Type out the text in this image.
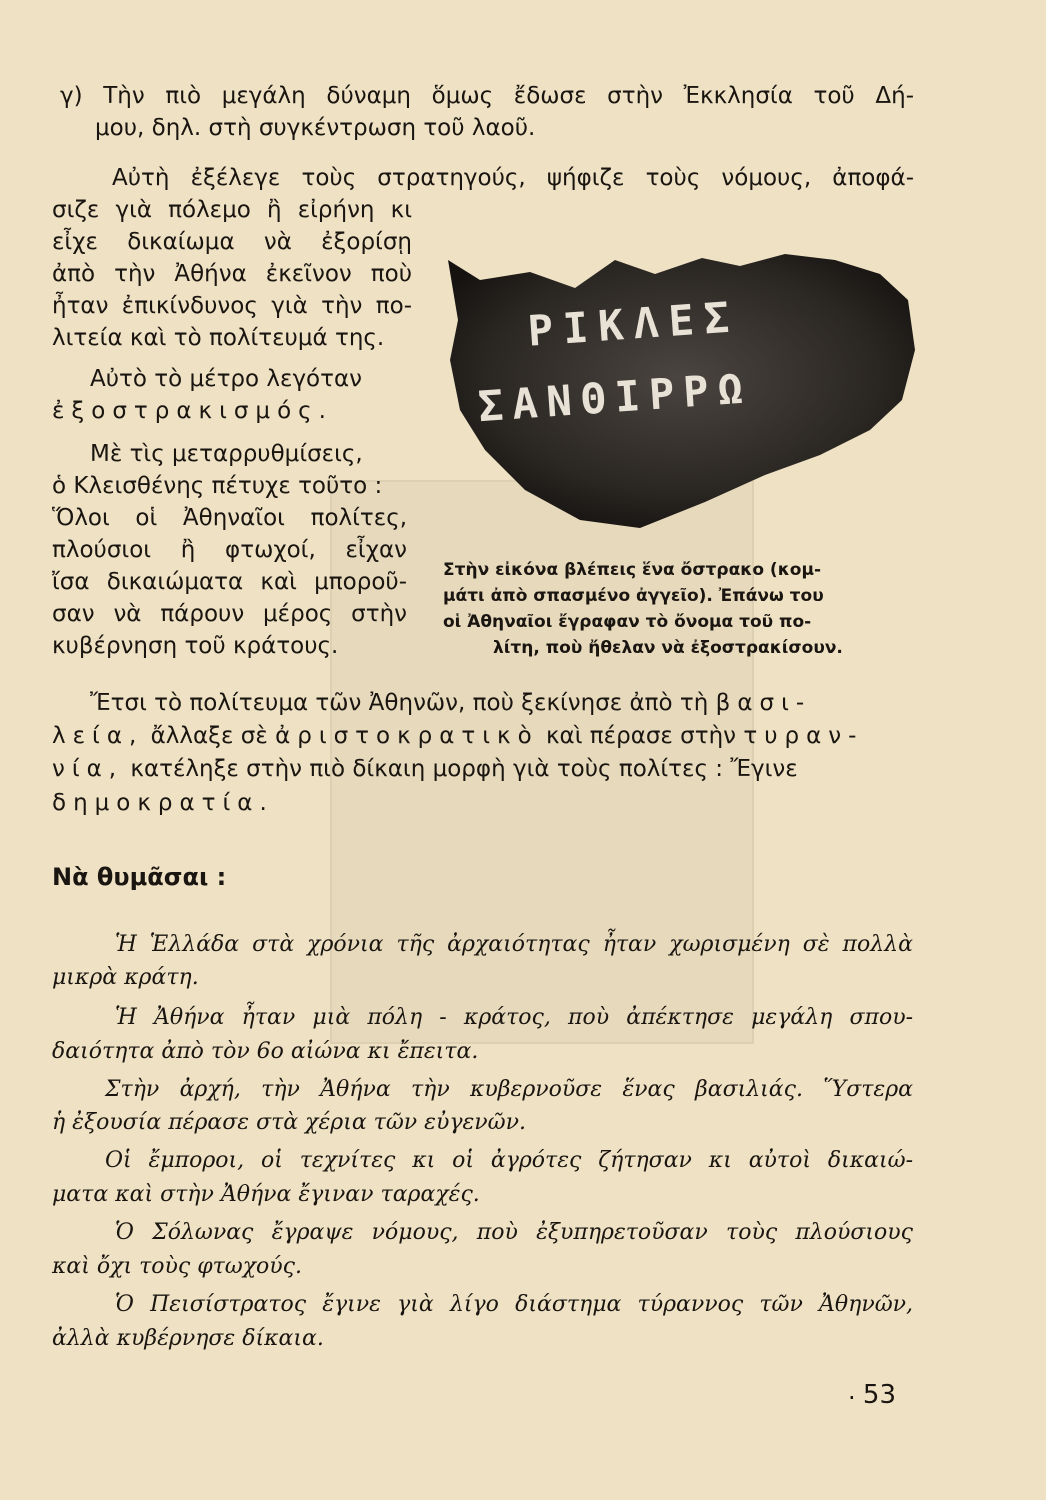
γ) Τὴν πιὸ μεγάλη δύναμη ὅμως ἔδωσε στὴν Ἐκκλησία τοῦ Δή-
μου, δηλ. στὴ συγκέντρωση τοῦ λαοῦ.
Αὐτὴ ἐξέλεγε τοὺς στρατηγούς, ψήφιζε τοὺς νόμους, ἀποφά-
σιζε γιὰ πόλεμο ἢ εἰρήνη κι
εἶχε δικαίωμα νὰ ἐξορίσῃ
ἀπὸ τὴν Ἀθήνα ἐκεῖνον ποὺ
ἦταν ἐπικίνδυνος γιὰ τὴν πο-
λιτεία καὶ τὸ πολίτευμά της.
Αὐτὸ τὸ μέτρο λεγόταν
ἐξοστρακισμός.
Μὲ τὶς μεταρρυθμίσεις,
ὁ Κλεισθένης πέτυχε τοῦτο :
Ὅλοι οἱ Ἀθηναῖοι πολίτες,
πλούσιοι ἢ φτωχοί, εἶχαν
ἴσα δικαιώματα καὶ μποροῦ-
σαν νὰ πάρουν μέρος στὴν
κυβέρνηση τοῦ κράτους.
ΡΙΚΛΕΣ
ΣΑΝΘΙΡΡΩ
Στὴν εἰκόνα βλέπεις ἕνα ὄστρακο (κομ-
μάτι ἀπὸ σπασμένο ἀγγεῖο). Ἐπάνω του
οἱ Ἀθηναῖοι ἔγραφαν τὸ ὄνομα τοῦ πο-
λίτη, ποὺ ἤθελαν νὰ ἐξοστρακίσουν.
Ἔτσι τὸ πολίτευμα τῶν Ἀθηνῶν, ποὺ ξεκίνησε ἀπὸ τὴ βασι-
λεία, ἄλλαξε σὲ ἀριστοκρατικὸ καὶ πέρασε στὴν τυραν-
νία, κατέληξε στὴν πιὸ δίκαιη μορφὴ γιὰ τοὺς πολίτες : Ἔγινε
δημοκρατία.
Νὰ θυμᾶσαι :
Ἡ Ἑλλάδα στὰ χρόνια τῆς ἀρχαιότητας ἦταν χωρισμένη σὲ πολλὰ
μικρὰ κράτη.
Ἡ Ἀθήνα ἦταν μιὰ πόλη - κράτος, ποὺ ἀπέκτησε μεγάλη σπου-
δαιότητα ἀπὸ τὸν 6ο αἰώνα κι ἔπειτα.
Στὴν ἀρχή, τὴν Ἀθήνα τὴν κυβερνοῦσε ἕνας βασιλιάς. Ὕστερα
ἡ ἐξουσία πέρασε στὰ χέρια τῶν εὐγενῶν.
Οἱ ἔμποροι, οἱ τεχνίτες κι οἱ ἀγρότες ζήτησαν κι αὐτοὶ δικαιώ-
ματα καὶ στὴν Ἀθήνα ἔγιναν ταραχές.
Ὁ Σόλωνας ἔγραψε νόμους, ποὺ ἐξυπηρετοῦσαν τοὺς πλούσιους
καὶ ὄχι τοὺς φτωχούς.
Ὁ Πεισίστρατος ἔγινε γιὰ λίγο διάστημα τύραννος τῶν Ἀθηνῶν,
ἀλλὰ κυβέρνησε δίκαια.
· 53
